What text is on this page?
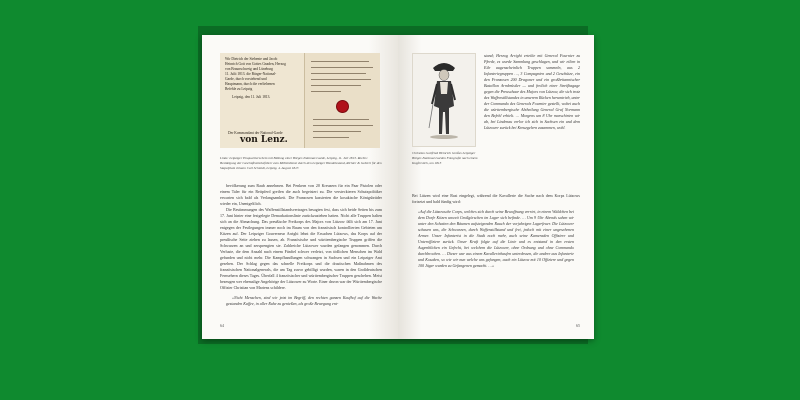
Wir Dietrich der Siebente und Jacob
Heinrich Gott von Gottes Gnaden, Herzog
von Braunschweig und Lüneburg
11. Julii 1813. die Bürger-National-
Garde, durch vorstehend und
Hauptmann, durch die verliehenen
Befehle zu Leipzig
Leipzig, den 11. Juli 1813.
Der Kommandant der National-Garde
von Lenz.
Links: Leipziger Einquartierschein mit Bildung einer Bürger-National-Garde, Leipzig, 11. Juli 1813. Rechts: Bestätigung der Geschäftsstücksführer zum Militärdienst durch den Leipziger Handelsstand, Richter & Gehlert für den Stapelplatz Johann Carl Schmidt, Leipzig, 4. August 1813

bevölkerung zum Raub annehmen. Bei Penkern von 20 Kreuzern für ein Paar Pistolen oder einem Taler für ein Reitpferd greifen die auch begeistert zu. Die versteckteren Schutzpolitiker erwarten sich bald als Verlangsamkeit. Die Franzosen kassierten die kosakische Königsbrüder wieder ein, Unentgeltlich.

Die Bestimmungen des Waffenstillstandsvertrages besagten fest, dass sich beide Seiten bis zum 17. Juni hinter eine festgelegte Demarkationslinie zurückzuziehen hatten. Nicht alle Truppen halten sich an die Abmachung. Das preußische Freikorps des Majors von Lützow fällt sich am 17. Juni entgegen der Festlegungen immer noch im Raum von den französisch kontrollierten Gebieten um Kitzen auf. Der Leipziger Gouverneur Arrighi lehnt die Ersuchen Lützows, das Korps auf der preußische Seite ziehen zu lassen, ab. Französische und württembergische Truppen griffen die Schwarzen an und zersprengten sie. Zahlreiche Lützower wurden gefangen genommen. Durch Verluste, die dem Anzahl nach einem Fünftel schwer verletzt, von tödlichen Menschen im Wald gefunden und nicht mehr. Die Kampfhandlungen schwangen in Sachsen und ein Leipziger Amt gesehen. Der Schlag gegen das schnelle Freikorps und die drastischen Maßnahmen des französischen Nationalgenerals, die am Tag zuvor gebilligt wurden, waren in den Großdeutschen Fernsehern dieses Tages. Überfall 4 französischer und württembergischer Truppen geschehen. Meist bezeugen wer ehemalige Angehörige der Lützower zu Worte. Einer davon war der Württembergische Offizier Christian von Martens schildere.

»Nicht Menschen, sind wir jetzt im Begriff, den rechten ganzen Kaufhof auf die Wache gestanden Kaffee, in aller Ruhe zu genießen, als große Bewegung ent-

64
Christian Gottfried Heinrich Großes Leipziger Bürger-National-Garden Fotografie nach einem Kupferstich, um 1813
stand; Herzog Arrighi erteilte mit General Fournier zu Pferde, es wurde Sammlung geschlagen, und wir eilten in Eile augenscheinlich Truppen sammeln, aus 2 Infanteriegruppen …, 3 Compagnien und 2 Geschütze, ein den Franzosen 200 Dragoner und ein großbritannischer Bataillon Armbrüstler — und freilich einer Streifbagage gegen die Preuschaar des Majors von Lützow, die sich trotz des Waffenstillstandes in unserem Rücken herumtrieb, unter der Commando des Generals Fournier gestellt, wobei auch die württembergische Abtheilung General Graf Normann den Befehl erhielt. … Morgens um 8 Uhr marschirten wir ab, bei Lindenau verlor ich sich in Sachsen ein und dem Lützower zurück bei Kreuzgelern zusammen, wohl.

Bei Lützen wird eine Rast eingelegt, während die Kavallerie die Suche nach dem Korps Lützows fortsetzt und bald fündig wird:

»Auf die Lützowsche Corps, welches sich durch seine Bewaffnung verriet, in einem Wäldchen bei dem Dorfe Kitzen unweit Großgörschen im Lager sich befinde. … Um 9 Uhr Abends sahen wir unter den Schatten den Bäumen aufsteigenden Rauch der vorjahrigen Lagerfeuer. Die Lützower schauen uns, die Schwarzen, durch Waffenstillstand und frei, jedoch mit einer ungesehenen Armee. Unser Infanterist in die Stadt noch mehr, auch seine Kameraden Offiziere und Unteroffiziere zurück. Unser Kraft folgte auf die Linie und es entstand in den ersten Augenblicken ein Gefecht, bei welchem die Lützower, ohne Ordnung und ohne Commando durchbrochen. … Dieser war aus einem Kavalleriehaufen unterdessen, die andere aus Infanterie und Kosaken, so wie wir nun welche uns gefangen, auch ein Lützow mit 10 Offiziere und gegen 100 Jäger wurden zu Gefangenen gemacht. …«

65
